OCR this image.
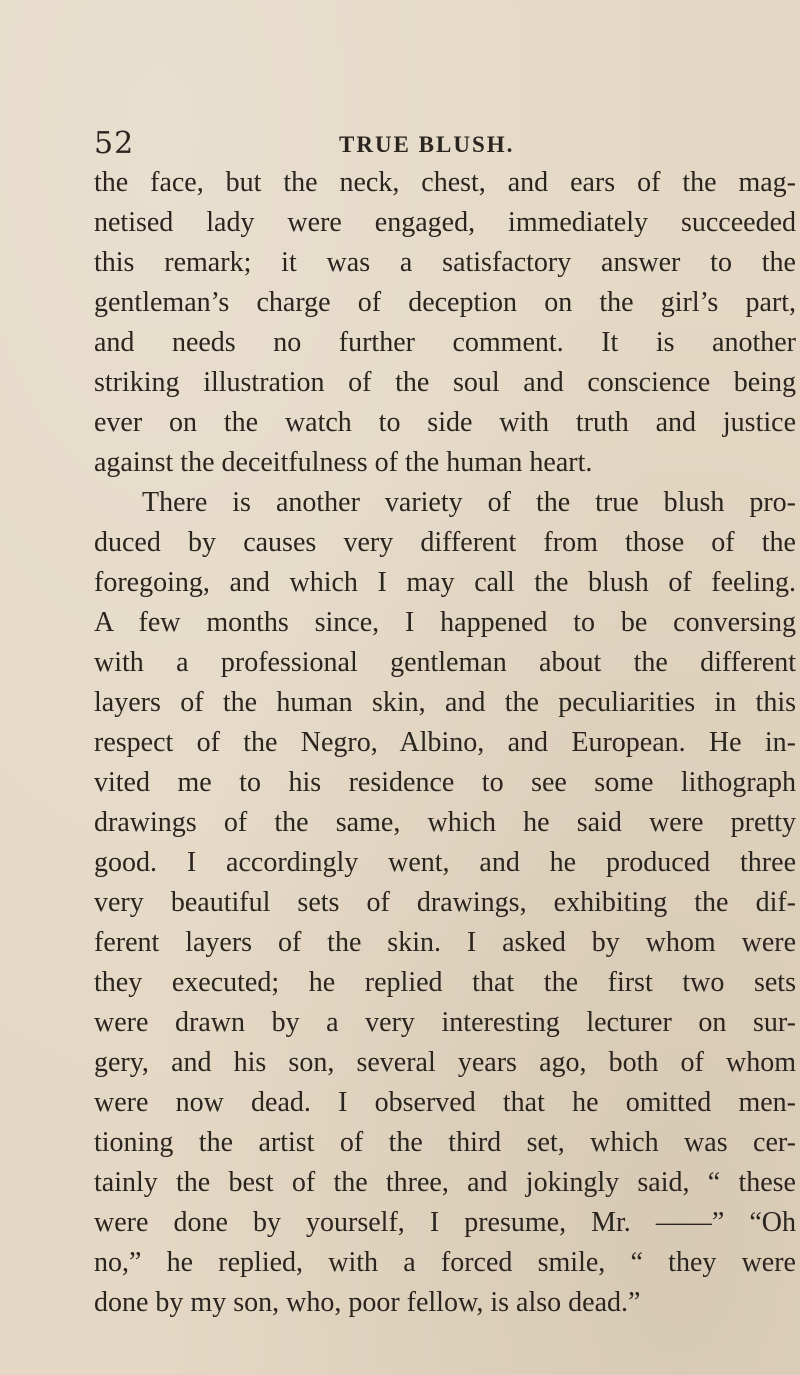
52	TRUE BLUSH.
the face, but the neck, chest, and ears of the mag-
netised lady were engaged, immediately succeeded
this remark; it was a satisfactory answer to the
gentleman’s charge of deception on the girl’s part,
and needs no further comment. It is another
striking illustration of the soul and conscience being
ever on the watch to side with truth and justice
against the deceitfulness of the human heart.
There is another variety of the true blush pro-
duced by causes very different from those of the
foregoing, and which I may call the blush of feeling.
A few months since, I happened to be conversing
with a professional gentleman about the different
layers of the human skin, and the peculiarities in this
respect of the Negro, Albino, and European. He in-
vited me to his residence to see some lithograph
drawings of the same, which he said were pretty
good. I accordingly went, and he produced three
very beautiful sets of drawings, exhibiting the dif-
ferent layers of the skin. I asked by whom were
they executed; he replied that the first two sets
were drawn by a very interesting lecturer on sur-
gery, and his son, several years ago, both of whom
were now dead. I observed that he omitted men-
tioning the artist of the third set, which was cer-
tainly the best of the three, and jokingly said, “ these
were done by yourself, I presume, Mr. ——” “Oh
no,” he replied, with a forced smile, “ they were
done by my son, who, poor fellow, is also dead.”
